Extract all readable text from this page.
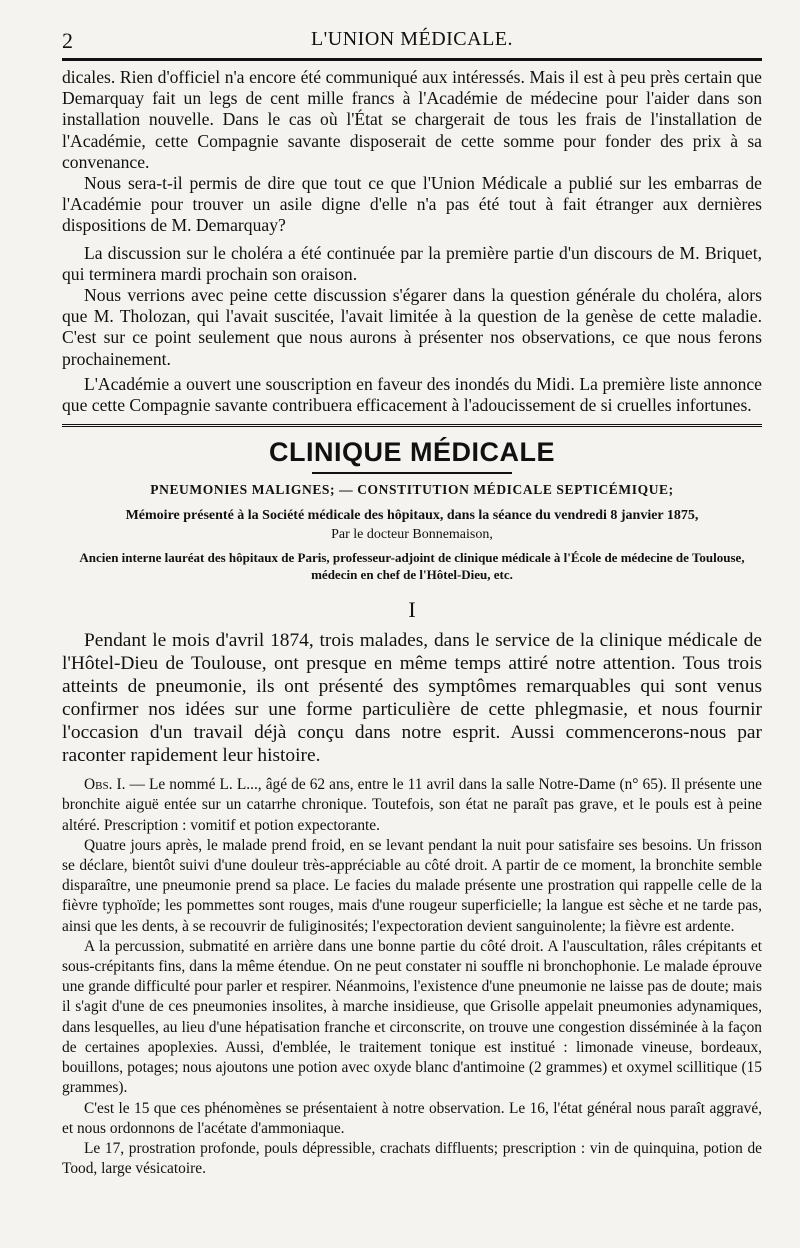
2	L'UNION MÉDICALE.

dicales. Rien d'officiel n'a encore été communiqué aux intéressés. Mais il est à peu près certain que Demarquay fait un legs de cent mille francs à l'Académie de médecine pour l'aider dans son installation nouvelle. Dans le cas où l'État se chargerait de tous les frais de l'installation de l'Académie, cette Compagnie savante disposerait de cette somme pour fonder des prix à sa convenance.

Nous sera-t-il permis de dire que tout ce que l'Union Médicale a publié sur les embarras de l'Académie pour trouver un asile digne d'elle n'a pas été tout à fait étranger aux dernières dispositions de M. Demarquay?

La discussion sur le choléra a été continuée par la première partie d'un discours de M. Briquet, qui terminera mardi prochain son oraison.

Nous verrions avec peine cette discussion s'égarer dans la question générale du choléra, alors que M. Tholozan, qui l'avait suscitée, l'avait limitée à la question de la genèse de cette maladie. C'est sur ce point seulement que nous aurons à présenter nos observations, ce que nous ferons prochainement.

L'Académie a ouvert une souscription en faveur des inondés du Midi. La première liste annonce que cette Compagnie savante contribuera efficacement à l'adoucissement de si cruelles infortunes.

CLINIQUE MÉDICALE
PNEUMONIES MALIGNES; — CONSTITUTION MÉDICALE SEPTICÉMIQUE;
Mémoire présenté à la Société médicale des hôpitaux, dans la séance du vendredi 8 janvier 1875,
Par le docteur Bonnemaison,
Ancien interne lauréat des hôpitaux de Paris, professeur-adjoint de clinique médicale à l'École de médecine de Toulouse, médecin en chef de l'Hôtel-Dieu, etc.
I

Pendant le mois d'avril 1874, trois malades, dans le service de la clinique médicale de l'Hôtel-Dieu de Toulouse, ont presque en même temps attiré notre attention. Tous trois atteints de pneumonie, ils ont présenté des symptômes remarquables qui sont venus confirmer nos idées sur une forme particulière de cette phlegmasie, et nous fournir l'occasion d'un travail déjà conçu dans notre esprit. Aussi commencerons-nous par raconter rapidement leur histoire.

Obs. I. — Le nommé L. L..., âgé de 62 ans, entre le 11 avril dans la salle Notre-Dame (n° 65). Il présente une bronchite aiguë entée sur un catarrhe chronique. Toutefois, son état ne paraît pas grave, et le pouls est à peine altéré. Prescription : vomitif et potion expectorante.

Quatre jours après, le malade prend froid, en se levant pendant la nuit pour satisfaire ses besoins. Un frisson se déclare, bientôt suivi d'une douleur très-appréciable au côté droit. A partir de ce moment, la bronchite semble disparaître, une pneumonie prend sa place. Le facies du malade présente une prostration qui rappelle celle de la fièvre typhoïde; les pommettes sont rouges, mais d'une rougeur superficielle; la langue est sèche et ne tarde pas, ainsi que les dents, à se recouvrir de fuliginosités; l'expectoration devient sanguinolente; la fièvre est ardente.

A la percussion, submatité en arrière dans une bonne partie du côté droit. A l'auscultation, râles crépitants et sous-crépitants fins, dans la même étendue. On ne peut constater ni souffle ni bronchophonie. Le malade éprouve une grande difficulté pour parler et respirer. Néanmoins, l'existence d'une pneumonie ne laisse pas de doute; mais il s'agit d'une de ces pneumonies insolites, à marche insidieuse, que Grisolle appelait pneumonies adynamiques, dans lesquelles, au lieu d'une hépatisation franche et circonscrite, on trouve une congestion disséminée à la façon de certaines apoplexies. Aussi, d'emblée, le traitement tonique est institué : limonade vineuse, bordeaux, bouillons, potages; nous ajoutons une potion avec oxyde blanc d'antimoine (2 grammes) et oxymel scillitique (15 grammes).

C'est le 15 que ces phénomènes se présentaient à notre observation. Le 16, l'état général nous paraît aggravé, et nous ordonnons de l'acétate d'ammoniaque.

Le 17, prostration profonde, pouls dépressible, crachats diffluents; prescription : vin de quinquina, potion de Tood, large vésicatoire.
